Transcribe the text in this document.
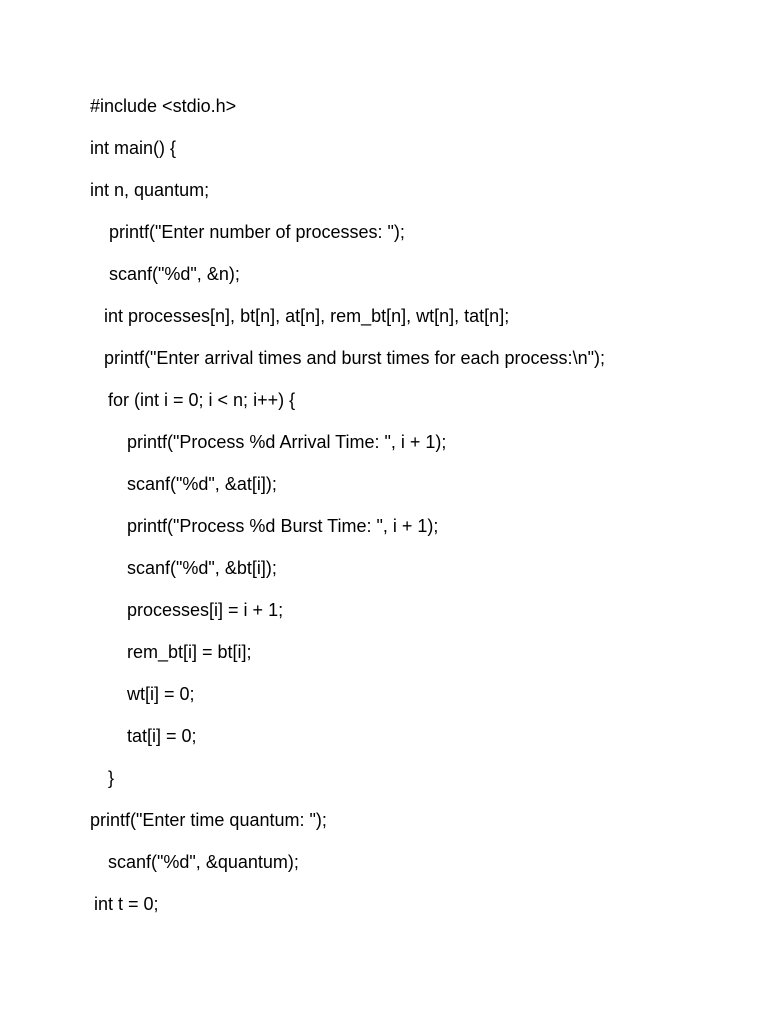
#include <stdio.h>
int main() {
int n, quantum;
printf("Enter number of processes: ");
scanf("%d", &n);
int processes[n], bt[n], at[n], rem_bt[n], wt[n], tat[n];
printf("Enter arrival times and burst times for each process:\n");
for (int i = 0; i < n; i++) {
printf("Process %d Arrival Time: ", i + 1);
scanf("%d", &at[i]);
printf("Process %d Burst Time: ", i + 1);
scanf("%d", &bt[i]);
processes[i] = i + 1;
rem_bt[i] = bt[i];
wt[i] = 0;
tat[i] = 0;
}
printf("Enter time quantum: ");
scanf("%d", &quantum);
int t = 0;
